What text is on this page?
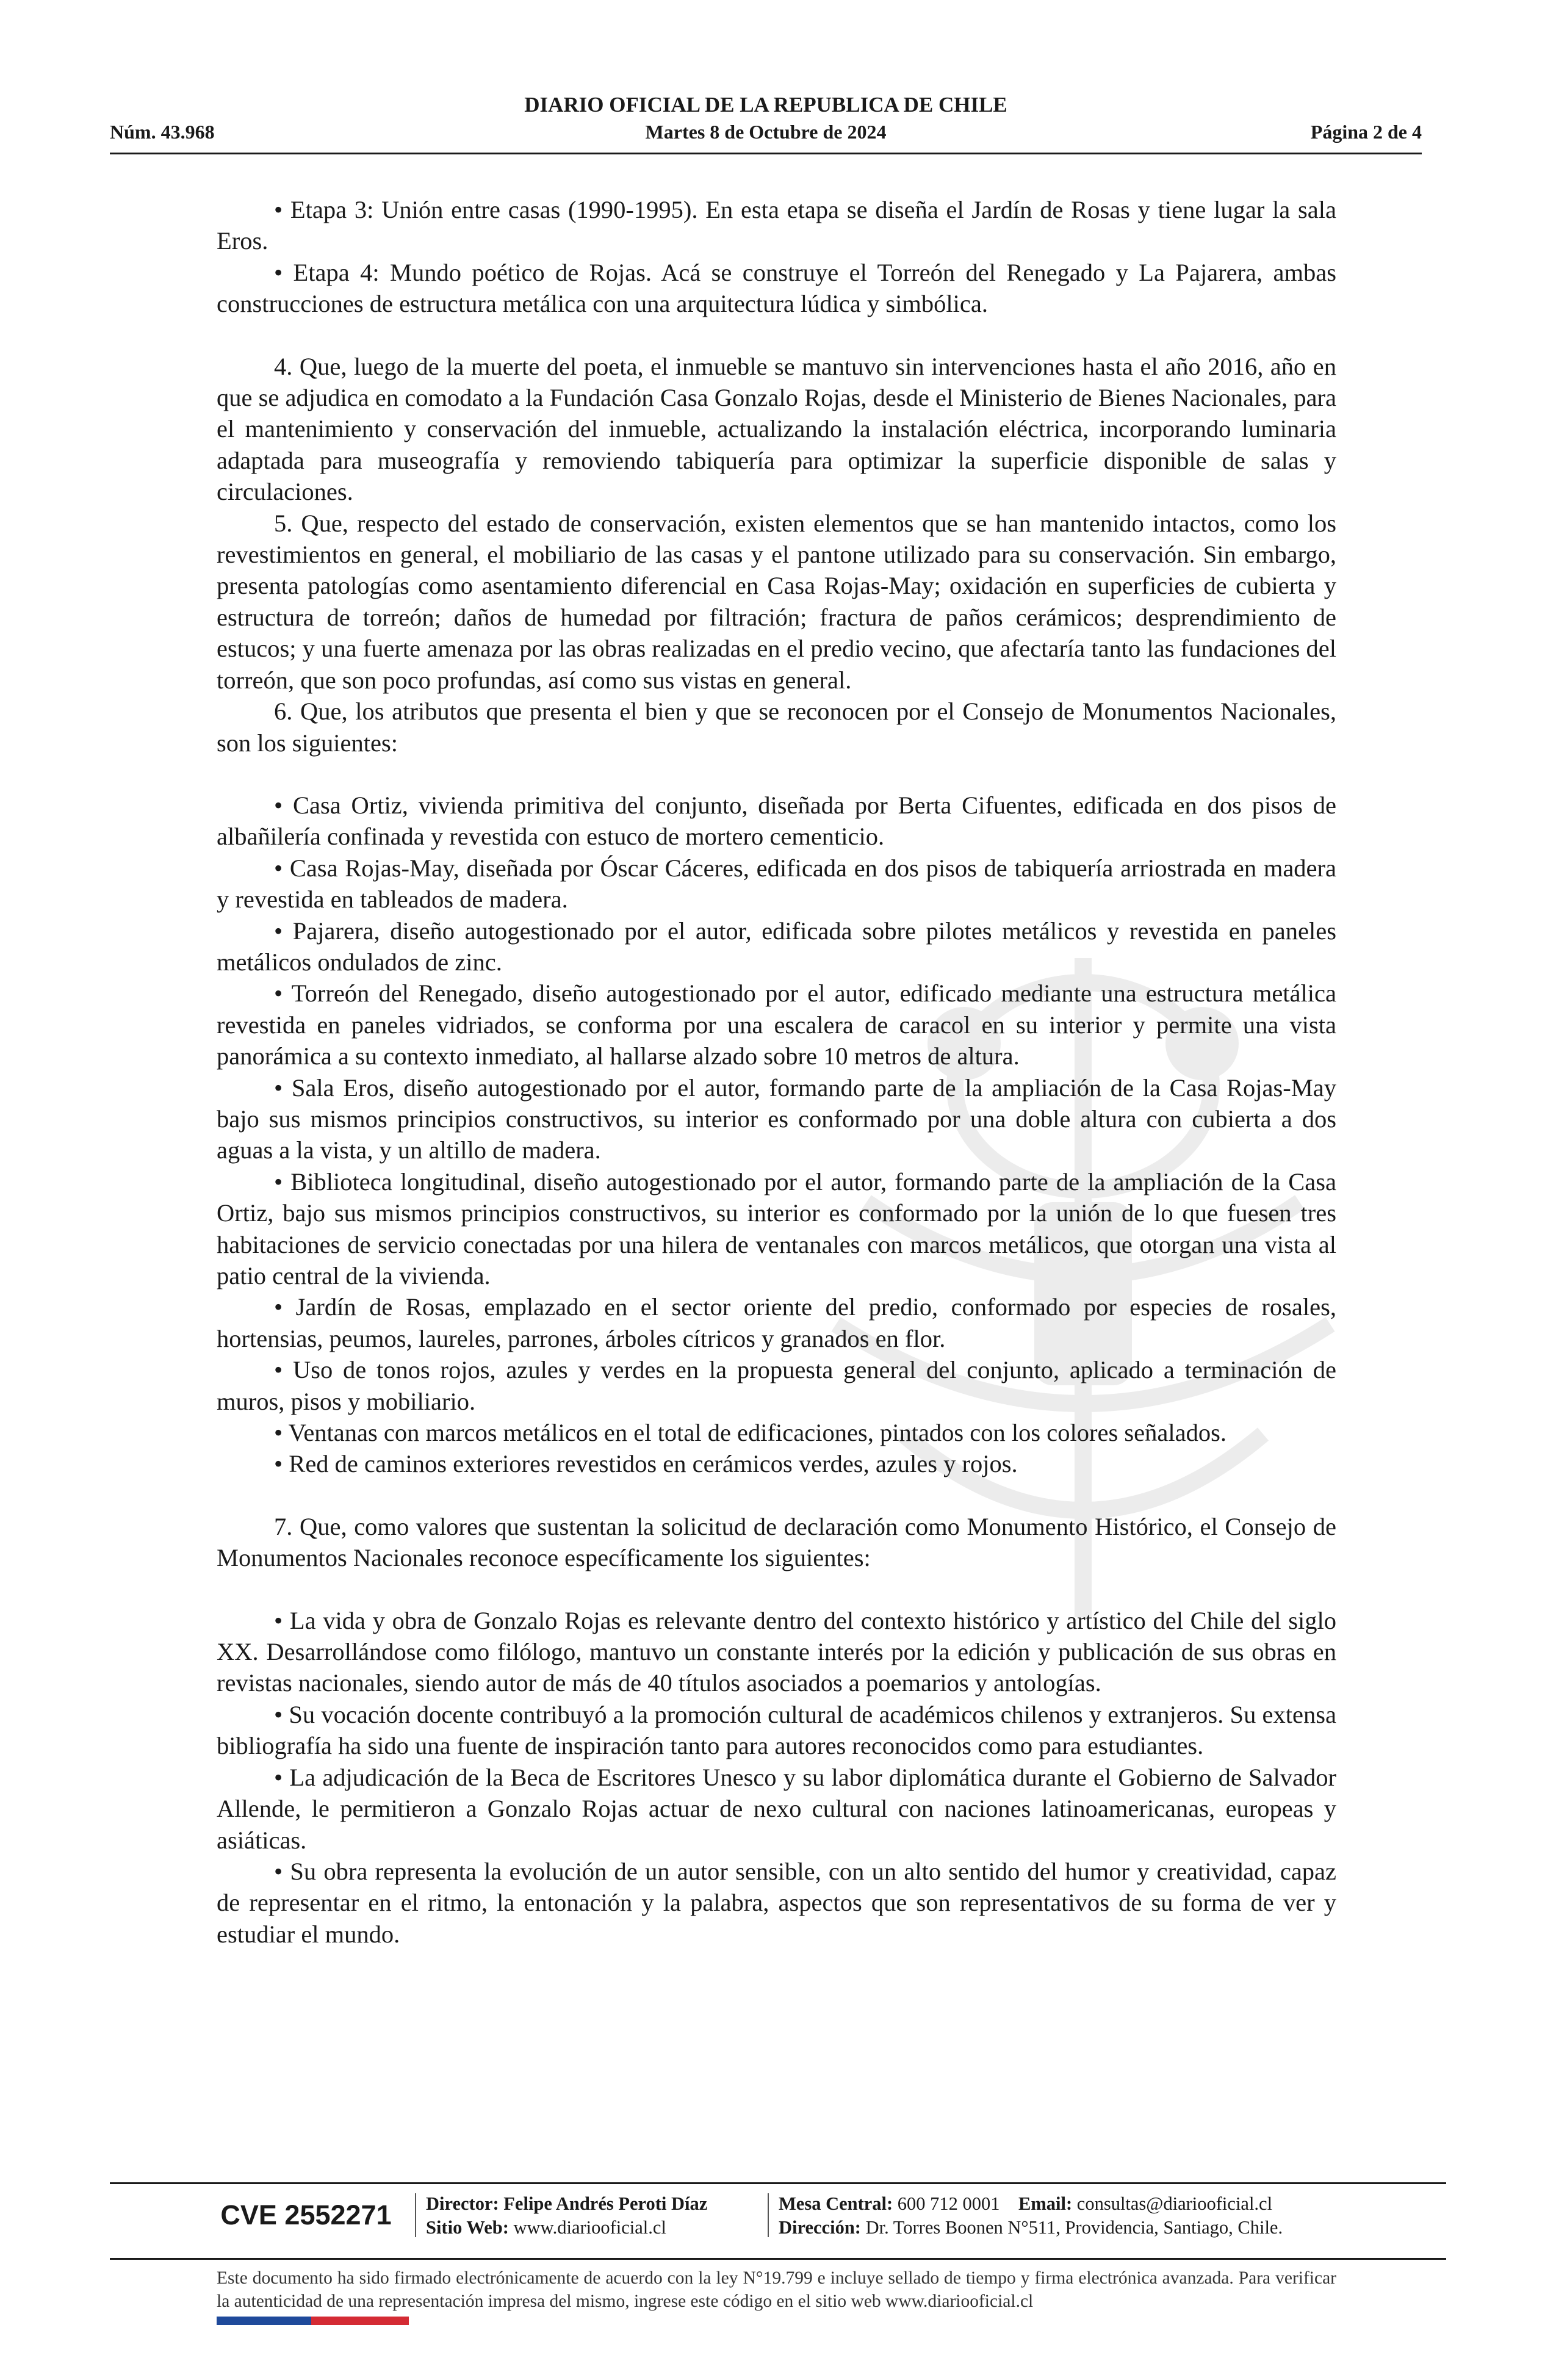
DIARIO OFICIAL DE LA REPUBLICA DE CHILE
Núm. 43.968	Martes 8 de Octubre de 2024	Página 2 de 4

• Etapa 3: Unión entre casas (1990-1995). En esta etapa se diseña el Jardín de Rosas y tiene lugar la sala Eros.

• Etapa 4: Mundo poético de Rojas. Acá se construye el Torreón del Renegado y La Pajarera, ambas construcciones de estructura metálica con una arquitectura lúdica y simbólica.

4. Que, luego de la muerte del poeta, el inmueble se mantuvo sin intervenciones hasta el año 2016, año en que se adjudica en comodato a la Fundación Casa Gonzalo Rojas, desde el Ministerio de Bienes Nacionales, para el mantenimiento y conservación del inmueble, actualizando la instalación eléctrica, incorporando luminaria adaptada para museografía y removiendo tabiquería para optimizar la superficie disponible de salas y circulaciones.

5. Que, respecto del estado de conservación, existen elementos que se han mantenido intactos, como los revestimientos en general, el mobiliario de las casas y el pantone utilizado para su conservación. Sin embargo, presenta patologías como asentamiento diferencial en Casa Rojas-May; oxidación en superficies de cubierta y estructura de torreón; daños de humedad por filtración; fractura de paños cerámicos; desprendimiento de estucos; y una fuerte amenaza por las obras realizadas en el predio vecino, que afectaría tanto las fundaciones del torreón, que son poco profundas, así como sus vistas en general.

6. Que, los atributos que presenta el bien y que se reconocen por el Consejo de Monumentos Nacionales, son los siguientes:

• Casa Ortiz, vivienda primitiva del conjunto, diseñada por Berta Cifuentes, edificada en dos pisos de albañilería confinada y revestida con estuco de mortero cementicio.

• Casa Rojas-May, diseñada por Óscar Cáceres, edificada en dos pisos de tabiquería arriostrada en madera y revestida en tableados de madera.

• Pajarera, diseño autogestionado por el autor, edificada sobre pilotes metálicos y revestida en paneles metálicos ondulados de zinc.

• Torreón del Renegado, diseño autogestionado por el autor, edificado mediante una estructura metálica revestida en paneles vidriados, se conforma por una escalera de caracol en su interior y permite una vista panorámica a su contexto inmediato, al hallarse alzado sobre 10 metros de altura.

• Sala Eros, diseño autogestionado por el autor, formando parte de la ampliación de la Casa Rojas-May bajo sus mismos principios constructivos, su interior es conformado por una doble altura con cubierta a dos aguas a la vista, y un altillo de madera.

• Biblioteca longitudinal, diseño autogestionado por el autor, formando parte de la ampliación de la Casa Ortiz, bajo sus mismos principios constructivos, su interior es conformado por la unión de lo que fuesen tres habitaciones de servicio conectadas por una hilera de ventanales con marcos metálicos, que otorgan una vista al patio central de la vivienda.

• Jardín de Rosas, emplazado en el sector oriente del predio, conformado por especies de rosales, hortensias, peumos, laureles, parrones, árboles cítricos y granados en flor.

• Uso de tonos rojos, azules y verdes en la propuesta general del conjunto, aplicado a terminación de muros, pisos y mobiliario.

• Ventanas con marcos metálicos en el total de edificaciones, pintados con los colores señalados.

• Red de caminos exteriores revestidos en cerámicos verdes, azules y rojos.

7. Que, como valores que sustentan la solicitud de declaración como Monumento Histórico, el Consejo de Monumentos Nacionales reconoce específicamente los siguientes:

• La vida y obra de Gonzalo Rojas es relevante dentro del contexto histórico y artístico del Chile del siglo XX. Desarrollándose como filólogo, mantuvo un constante interés por la edición y publicación de sus obras en revistas nacionales, siendo autor de más de 40 títulos asociados a poemarios y antologías.

• Su vocación docente contribuyó a la promoción cultural de académicos chilenos y extranjeros. Su extensa bibliografía ha sido una fuente de inspiración tanto para autores reconocidos como para estudiantes.

• La adjudicación de la Beca de Escritores Unesco y su labor diplomática durante el Gobierno de Salvador Allende, le permitieron a Gonzalo Rojas actuar de nexo cultural con naciones latinoamericanas, europeas y asiáticas.

• Su obra representa la evolución de un autor sensible, con un alto sentido del humor y creatividad, capaz de representar en el ritmo, la entonación y la palabra, aspectos que son representativos de su forma de ver y estudiar el mundo.

CVE 2552271	Director: Felipe Andrés Peroti Díaz
Sitio Web: www.diariooficial.cl
Mesa Central: 600 712 0001 Email: consultas@diariooficial.cl
Dirección: Dr. Torres Boonen N°511, Providencia, Santiago, Chile.
Este documento ha sido firmado electrónicamente de acuerdo con la ley N°19.799 e incluye sellado de tiempo y firma electrónica avanzada. Para verificar la autenticidad de una representación impresa del mismo, ingrese este código en el sitio web www.diariooficial.cl
